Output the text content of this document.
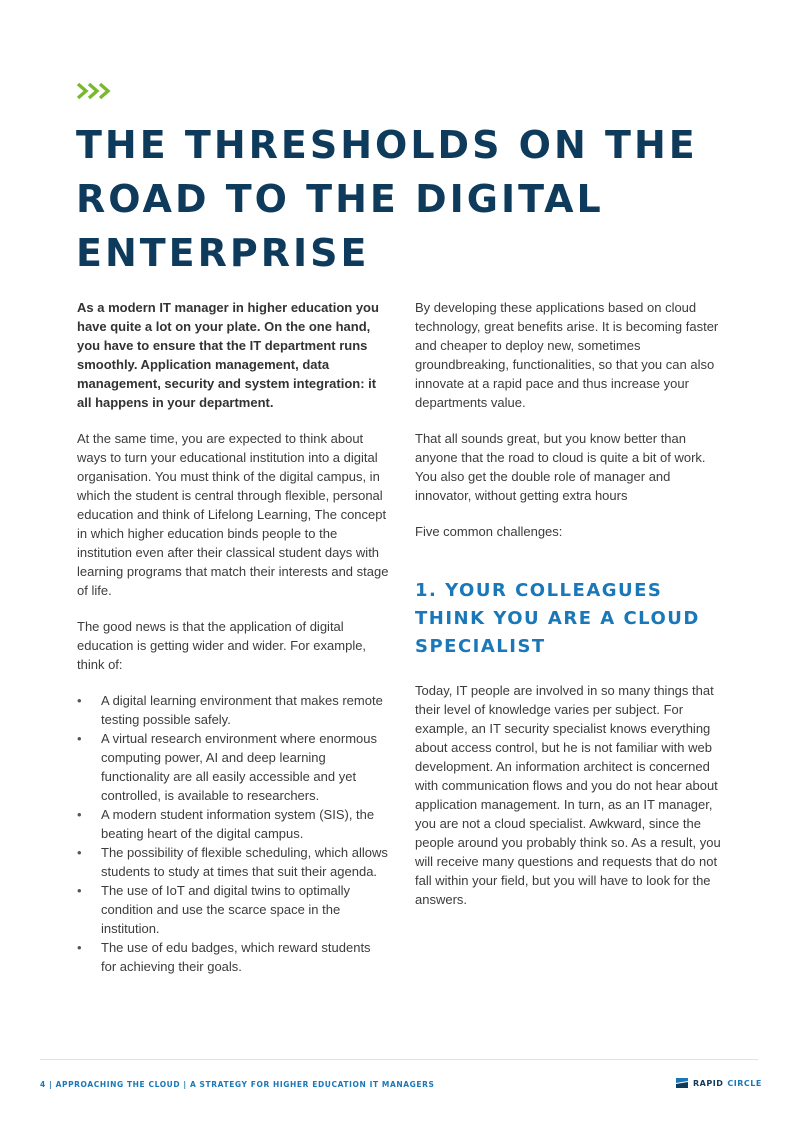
THE THRESHOLDS ON THE ROAD TO THE DIGITAL ENTERPRISE

As a modern IT manager in higher education you have quite a lot on your plate. On the one hand, you have to ensure that the IT department runs smoothly. Application management, data management, security and system integration: it all happens in your department.

At the same time, you are expected to think about ways to turn your educational institution into a digital organisation. You must think of the digital campus, in which the student is central through flexible, personal education and think of Lifelong Learning, The concept in which higher education binds people to the institution even after their classical student days with learning programs that match their interests and stage of life.

The good news is that the application of digital education is getting wider and wider. For example, think of:

• A digital learning environment that makes remote testing possible safely.
• A virtual research environment where enormous computing power, AI and deep learning functionality are all easily accessible and yet controlled, is available to researchers.
• A modern student information system (SIS), the beating heart of the digital campus.
• The possibility of flexible scheduling, which allows students to study at times that suit their agenda.
• The use of IoT and digital twins to optimally condition and use the scarce space in the institution.
• The use of edu badges, which reward students for achieving their goals.

By developing these applications based on cloud technology, great benefits arise. It is becoming faster and cheaper to deploy new, sometimes groundbreaking, functionalities, so that you can also innovate at a rapid pace and thus increase your departments value.

That all sounds great, but you know better than anyone that the road to cloud is quite a bit of work. You also get the double role of manager and innovator, without getting extra hours

Five common challenges:

1. YOUR COLLEAGUES THINK YOU ARE A CLOUD SPECIALIST

Today, IT people are involved in so many things that their level of knowledge varies per subject. For example, an IT security specialist knows everything about access control, but he is not familiar with web development. An information architect is concerned with communication flows and you do not hear about application management. In turn, as an IT manager, you are not a cloud specialist. Awkward, since the people around you probably think so. As a result, you will receive many questions and requests that do not fall within your field, but you will have to look for the answers.

4 | APPROACHING THE CLOUD | A STRATEGY FOR HIGHER EDUCATION IT MANAGERS	RAPID CIRCLE
